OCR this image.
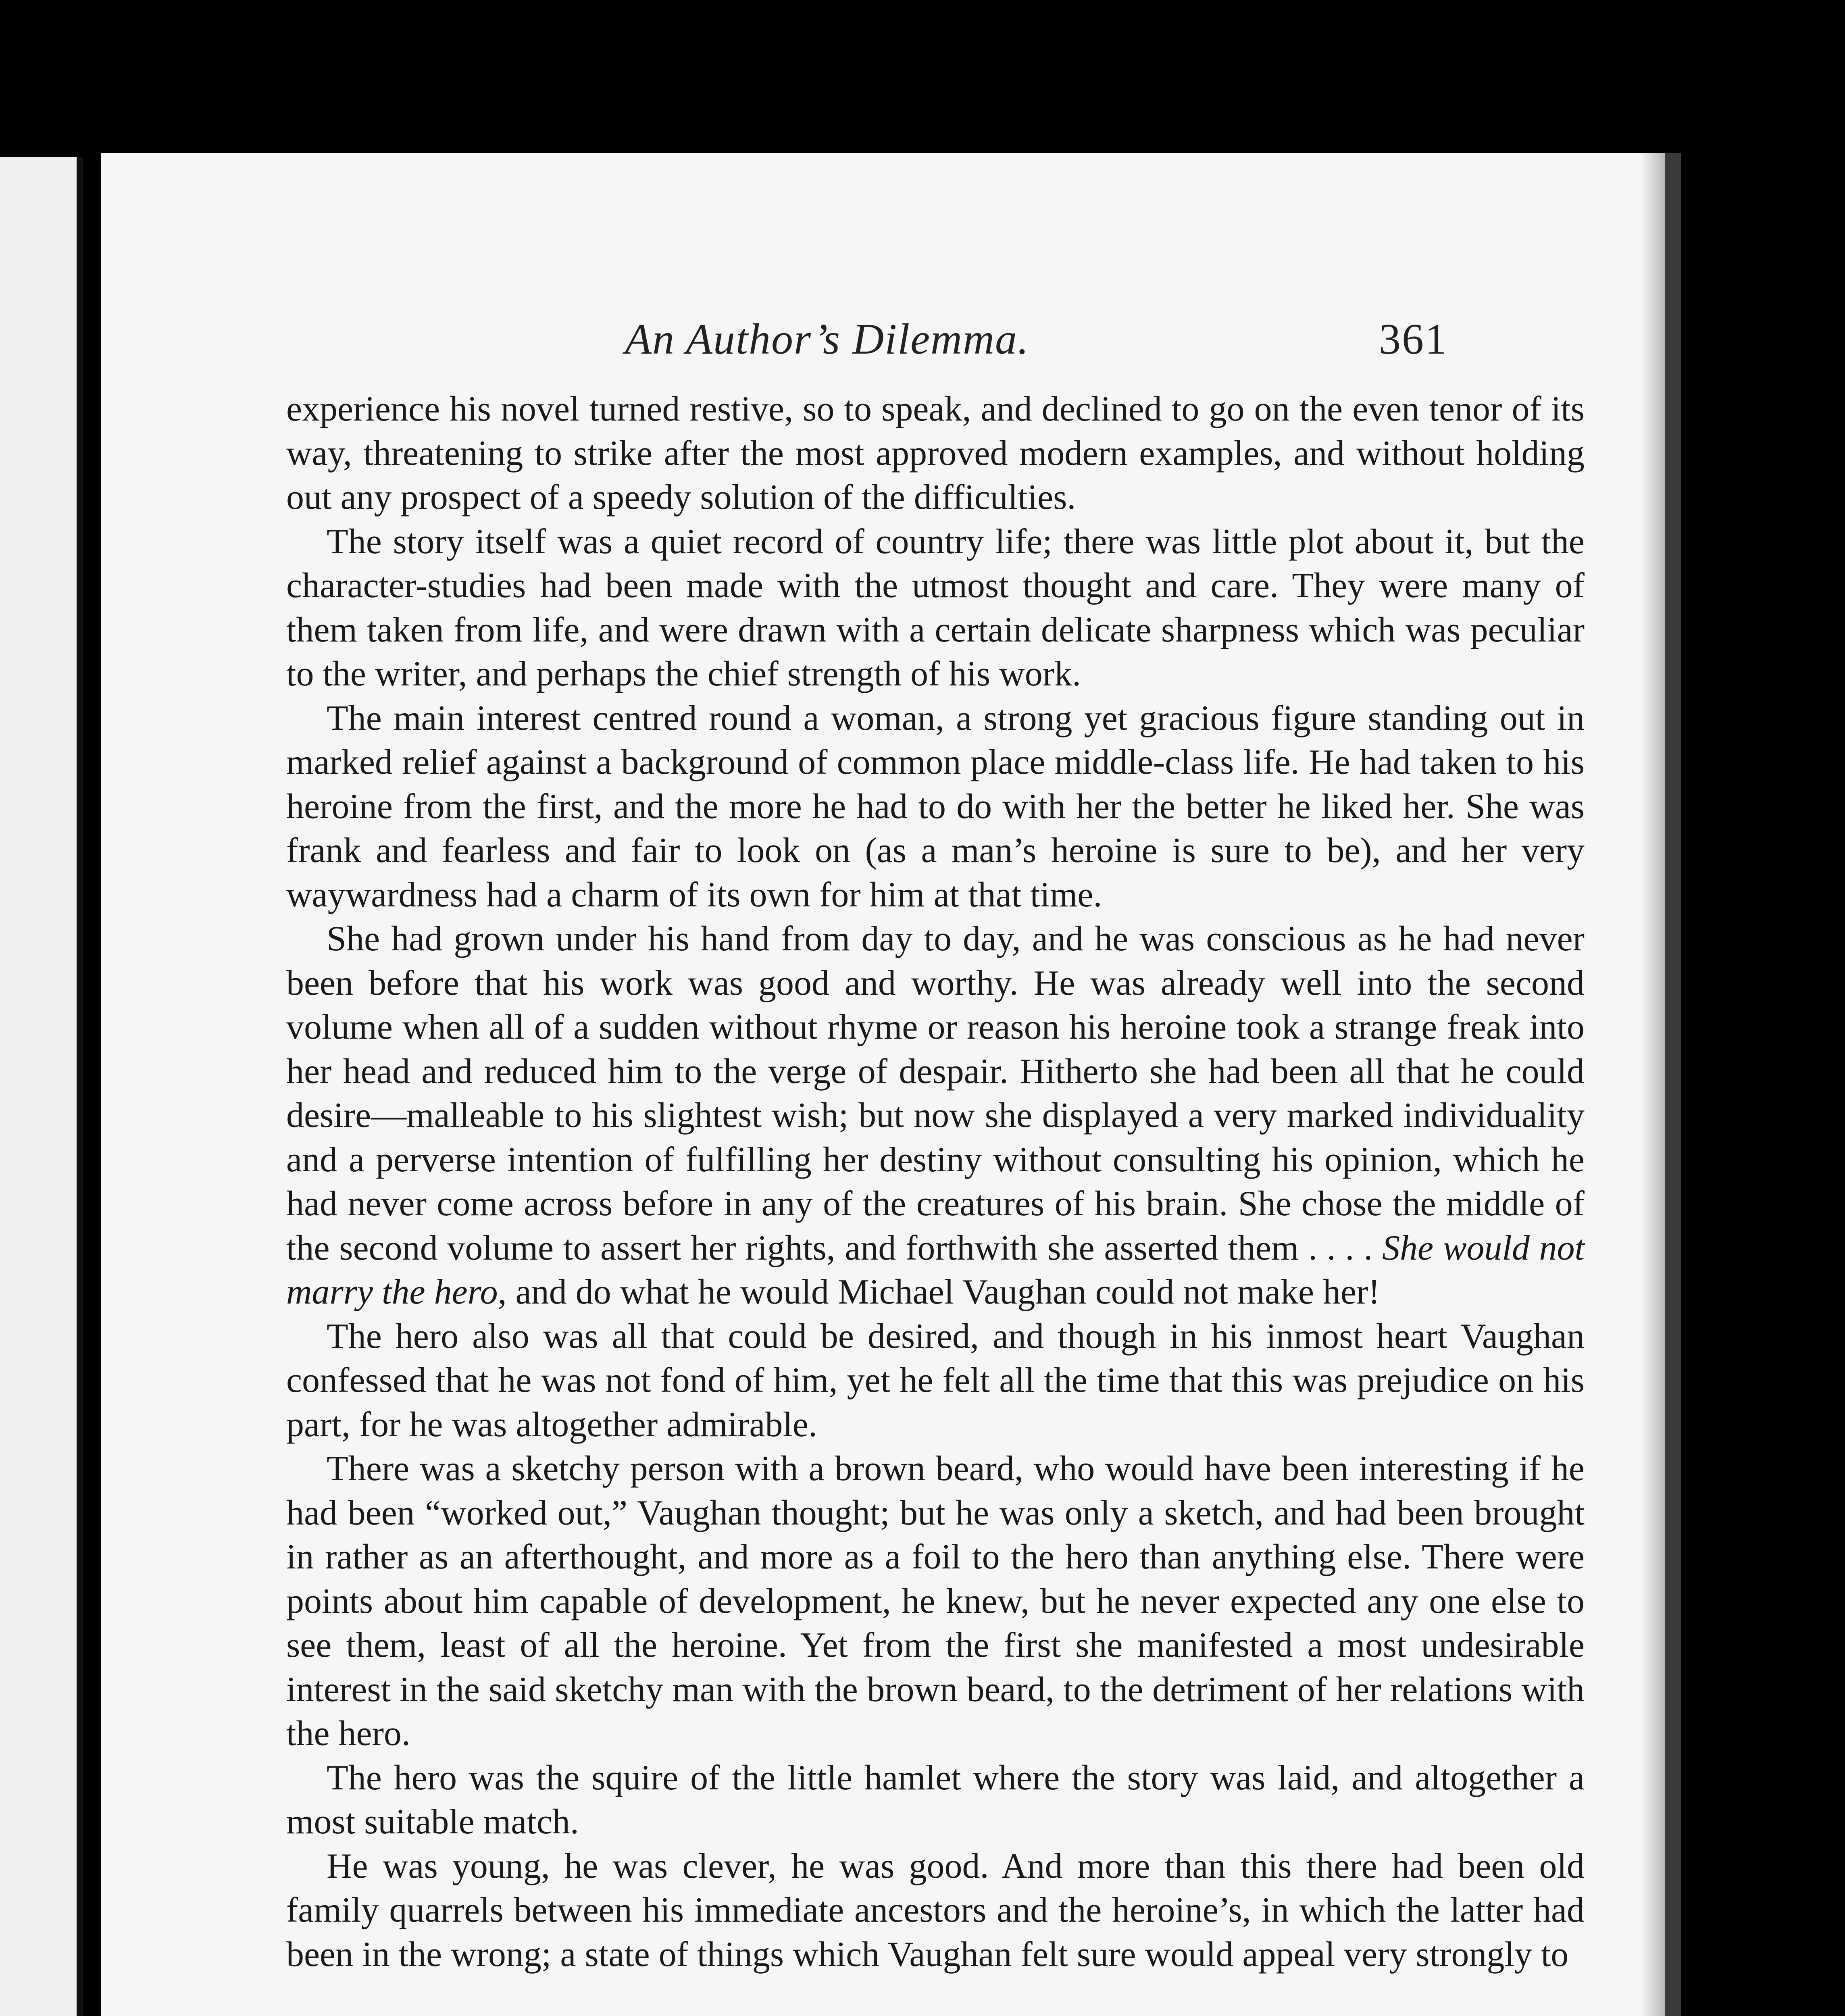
An Author’s Dilemma.	361

experience his novel turned restive, so to speak, and declined to go on the even tenor of its way, threatening to strike after the most approved modern examples, and without holding out any prospect of a speedy solution of the difficulties.

The story itself was a quiet record of country life; there was little plot about it, but the character-studies had been made with the utmost thought and care. They were many of them taken from life, and were drawn with a certain delicate sharpness which was peculiar to the writer, and perhaps the chief strength of his work.

The main interest centred round a woman, a strong yet gracious figure standing out in marked relief against a background of common place middle-class life. He had taken to his heroine from the first, and the more he had to do with her the better he liked her. She was frank and fearless and fair to look on (as a man’s heroine is sure to be), and her very waywardness had a charm of its own for him at that time.

She had grown under his hand from day to day, and he was conscious as he had never been before that his work was good and worthy. He was already well into the second volume when all of a sudden without rhyme or reason his heroine took a strange freak into her head and reduced him to the verge of despair. Hitherto she had been all that he could desire—malleable to his slightest wish; but now she displayed a very marked individuality and a perverse intention of fulfilling her destiny without consulting his opinion, which he had never come across before in any of the creatures of his brain. She chose the middle of the second volume to assert her rights, and forthwith she asserted them . . . . She would not marry the hero, and do what he would Michael Vaughan could not make her!

The hero also was all that could be desired, and though in his inmost heart Vaughan confessed that he was not fond of him, yet he felt all the time that this was prejudice on his part, for he was altogether admirable.

There was a sketchy person with a brown beard, who would have been interesting if he had been “worked out,” Vaughan thought; but he was only a sketch, and had been brought in rather as an afterthought, and more as a foil to the hero than anything else. There were points about him capable of development, he knew, but he never expected any one else to see them, least of all the heroine. Yet from the first she manifested a most undesirable interest in the said sketchy man with the brown beard, to the detriment of her relations with the hero.

The hero was the squire of the little hamlet where the story was laid, and altogether a most suitable match.

He was young, he was clever, he was good. And more than this there had been old family quarrels between his immediate ancestors and the heroine’s, in which the latter had been in the wrong; a state of things which Vaughan felt sure would appeal very strongly to
